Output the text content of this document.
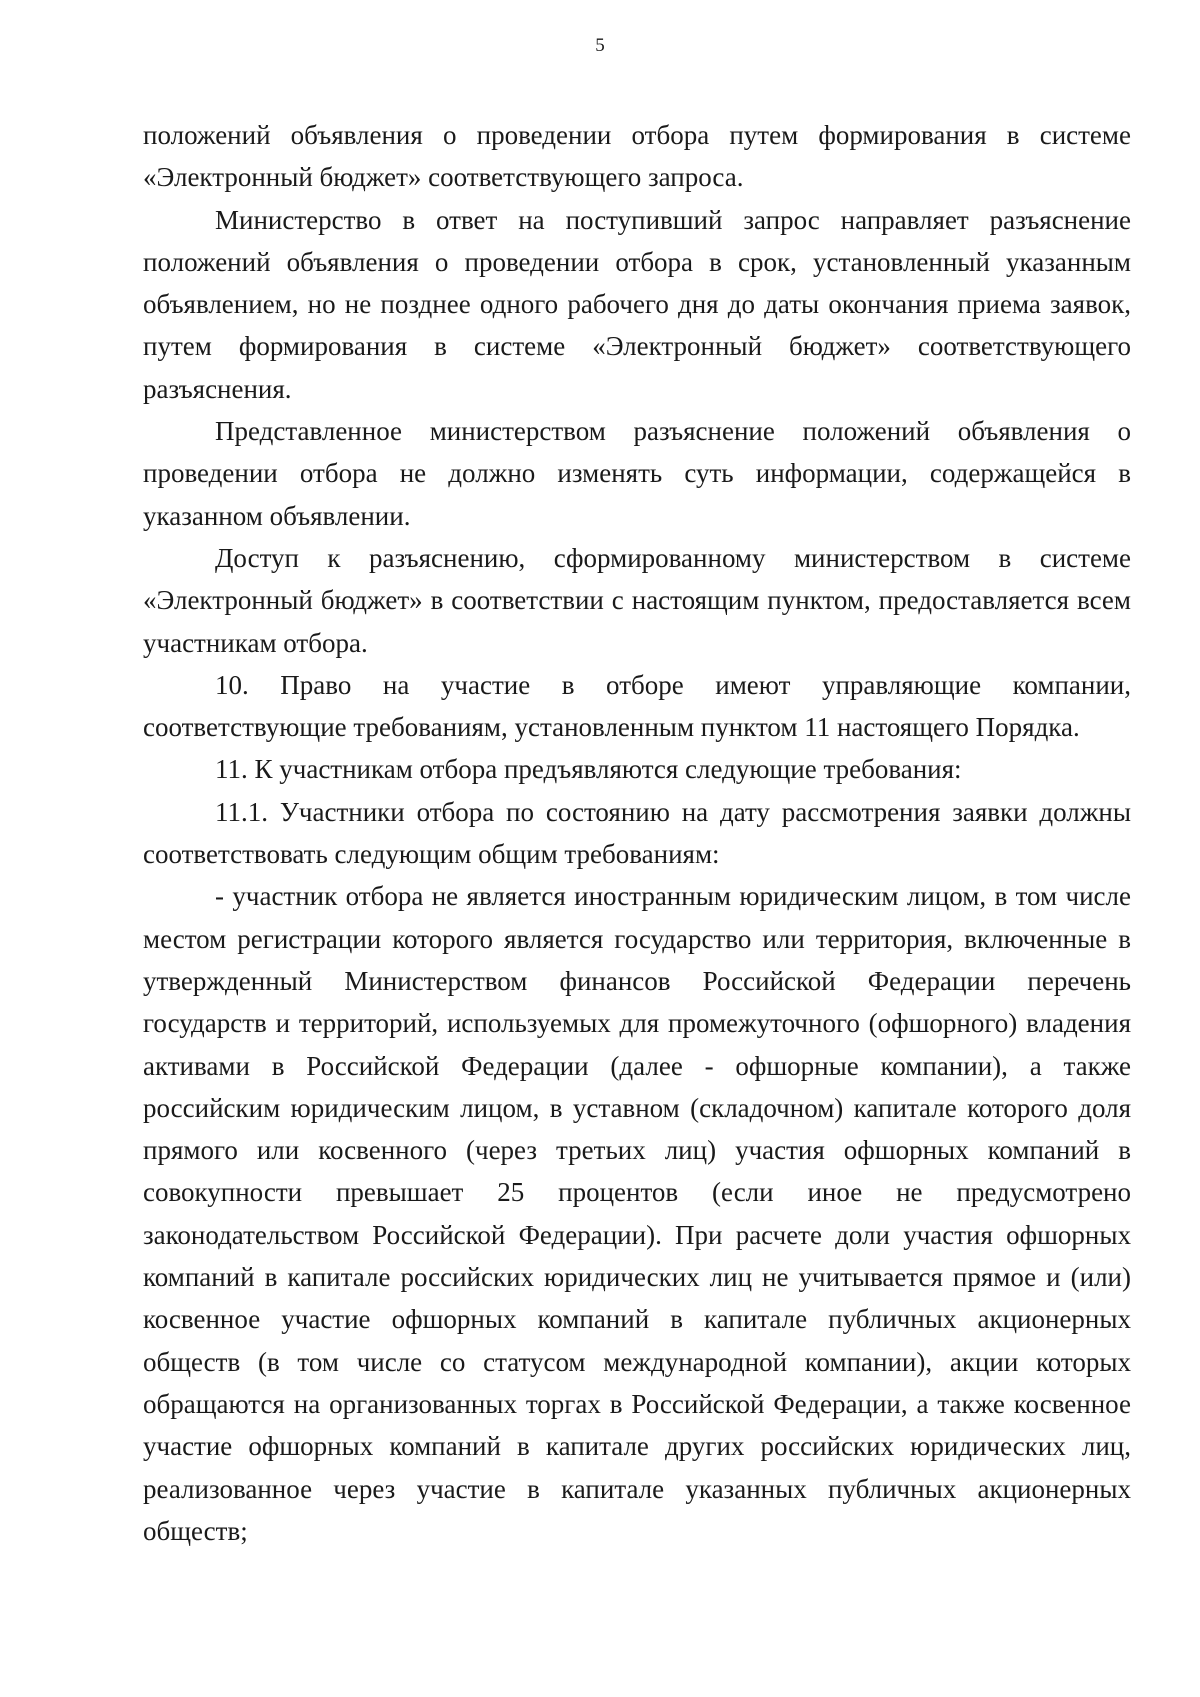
5

положений объявления о проведении отбора путем формирования в системе «Электронный бюджет» соответствующего запроса.

Министерство в ответ на поступивший запрос направляет разъяснение положений объявления о проведении отбора в срок, установленный указанным объявлением, но не позднее одного рабочего дня до даты окончания приема заявок, путем формирования в системе «Электронный бюджет» соответствующего разъяснения.

Представленное министерством разъяснение положений объявления о проведении отбора не должно изменять суть информации, содержащейся в указанном объявлении.

Доступ к разъяснению, сформированному министерством в системе «Электронный бюджет» в соответствии с настоящим пунктом, предоставляется всем участникам отбора.

10. Право на участие в отборе имеют управляющие компании, соответствующие требованиям, установленным пунктом 11 настоящего Порядка.

11. К участникам отбора предъявляются следующие требования:

11.1. Участники отбора по состоянию на дату рассмотрения заявки должны соответствовать следующим общим требованиям:

- участник отбора не является иностранным юридическим лицом, в том числе местом регистрации которого является государство или территория, включенные в утвержденный Министерством финансов Российской Федерации перечень государств и территорий, используемых для промежуточного (офшорного) владения активами в Российской Федерации (далее - офшорные компании), а также российским юридическим лицом, в уставном (складочном) капитале которого доля прямого или косвенного (через третьих лиц) участия офшорных компаний в совокупности превышает 25 процентов (если иное не предусмотрено законодательством Российской Федерации). При расчете доли участия офшорных компаний в капитале российских юридических лиц не учитывается прямое и (или) косвенное участие офшорных компаний в капитале публичных акционерных обществ (в том числе со статусом международной компании), акции которых обращаются на организованных торгах в Российской Федерации, а также косвенное участие офшорных компаний в капитале других российских юридических лиц, реализованное через участие в капитале указанных публичных акционерных обществ;
